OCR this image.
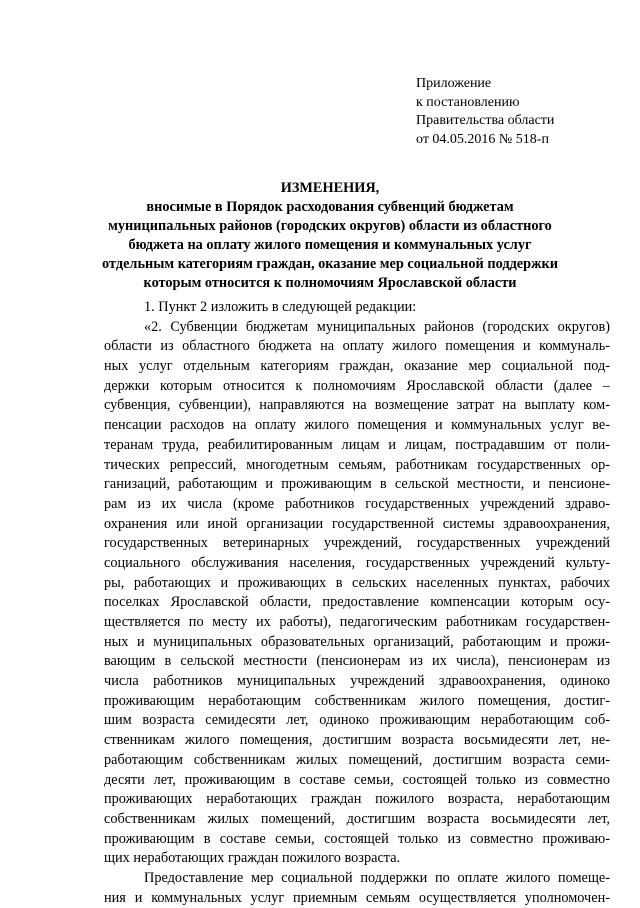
Приложение
к постановлению
Правительства области
от 04.05.2016 № 518-п
ИЗМЕНЕНИЯ,
вносимые в Порядок расходования субвенций бюджетам
муниципальных районов (городских округов) области из областного
бюджета на оплату жилого помещения и коммунальных услуг
отдельным категориям граждан, оказание мер социальной поддержки
которым относится к полномочиям Ярославской области
1. Пункт 2 изложить в следующей редакции:
«2. Субвенции бюджетам муниципальных районов (городских округов)
области из областного бюджета на оплату жилого помещения и коммуналь-
ных услуг отдельным категориям граждан, оказание мер социальной под-
держки которым относится к полномочиям Ярославской области (далее –
субвенция, субвенции), направляются на возмещение затрат на выплату ком-
пенсации расходов на оплату жилого помещения и коммунальных услуг ве-
теранам труда, реабилитированным лицам и лицам, пострадавшим от поли-
тических репрессий, многодетным семьям, работникам государственных ор-
ганизаций, работающим и проживающим в сельской местности, и пенсионе-
рам из их числа (кроме работников государственных учреждений здраво-
охранения или иной организации государственной системы здравоохранения,
государственных ветеринарных учреждений, государственных учреждений
социального обслуживания населения, государственных учреждений культу-
ры, работающих и проживающих в сельских населенных пунктах, рабочих
поселках Ярославской области, предоставление компенсации которым осу-
ществляется по месту их работы), педагогическим работникам государствен-
ных и муниципальных образовательных организаций, работающим и прожи-
вающим в сельской местности (пенсионерам из их числа), пенсионерам из
числа работников муниципальных учреждений здравоохранения, одиноко
проживающим неработающим собственникам жилого помещения, достиг-
шим возраста семидесяти лет, одиноко проживающим неработающим соб-
ственникам жилого помещения, достигшим возраста восьмидесяти лет, не-
работающим собственникам жилых помещений, достигшим возраста семи-
десяти лет, проживающим в составе семьи, состоящей только из совместно
проживающих неработающих граждан пожилого возраста, неработающим
собственникам жилых помещений, достигшим возраста восьмидесяти лет,
проживающим в составе семьи, состоящей только из совместно проживаю-
щих неработающих граждан пожилого возраста.
Предоставление мер социальной поддержки по оплате жилого помеще-
ния и коммунальных услуг приемным семьям осуществляется уполномочен-
